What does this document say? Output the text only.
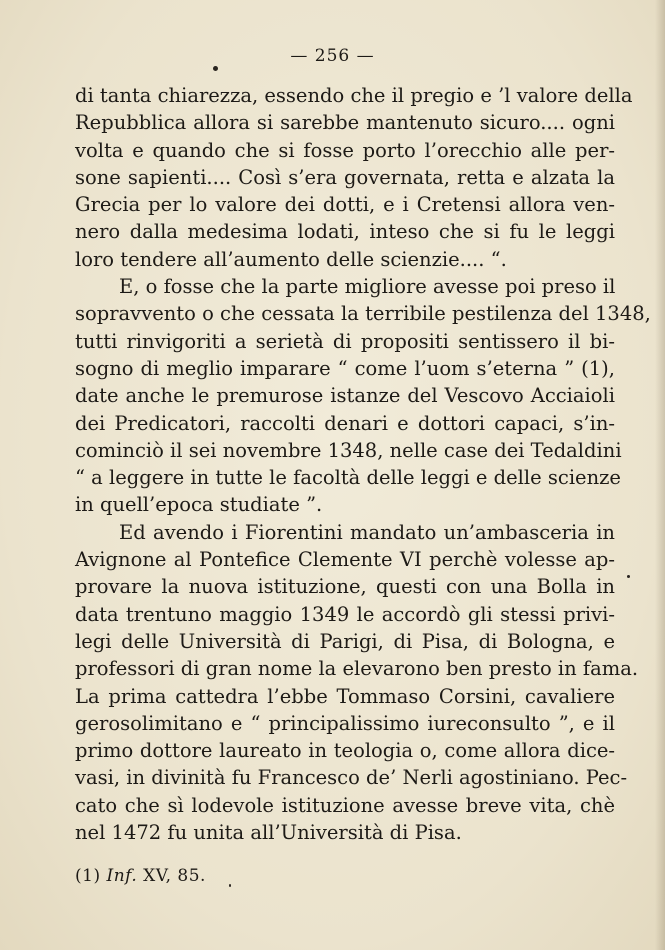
— 256 —
di tanta chiarezza, essendo che il pregio e ’l valore della
Repubblica allora si sarebbe mantenuto sicuro.... ogni
volta e quando che si fosse porto l’orecchio alle per-
sone sapienti.... Così s’era governata, retta e alzata la
Grecia per lo valore dei dotti, e i Cretensi allora ven-
nero dalla medesima lodati, inteso che si fu le leggi
loro tendere all’aumento delle scienzie.... “.
E, o fosse che la parte migliore avesse poi preso il
sopravvento o che cessata la terribile pestilenza del 1348,
tutti rinvigoriti a serietà di propositi sentissero il bi-
sogno di meglio imparare “ come l’uom s’eterna ” (1),
date anche le premurose istanze del Vescovo Acciaioli
dei Predicatori, raccolti denari e dottori capaci, s’in-
cominciò il sei novembre 1348, nelle case dei Tedaldini
“ a leggere in tutte le facoltà delle leggi e delle scienze
in quell’epoca studiate ”.
Ed avendo i Fiorentini mandato un’ambasceria in
Avignone al Pontefice Clemente VI perchè volesse ap-
provare la nuova istituzione, questi con una Bolla in
data trentuno maggio 1349 le accordò gli stessi privi-
legi delle Università di Parigi, di Pisa, di Bologna, e
professori di gran nome la elevarono ben presto in fama.
La prima cattedra l’ebbe Tommaso Corsini, cavaliere
gerosolimitano e “ principalissimo iureconsulto ”, e il
primo dottore laureato in teologia o, come allora dice-
vasi, in divinità fu Francesco de’ Nerli agostiniano. Pec-
cato che sì lodevole istituzione avesse breve vita, chè
nel 1472 fu unita all’Università di Pisa.
(1) Inf. XV, 85.
